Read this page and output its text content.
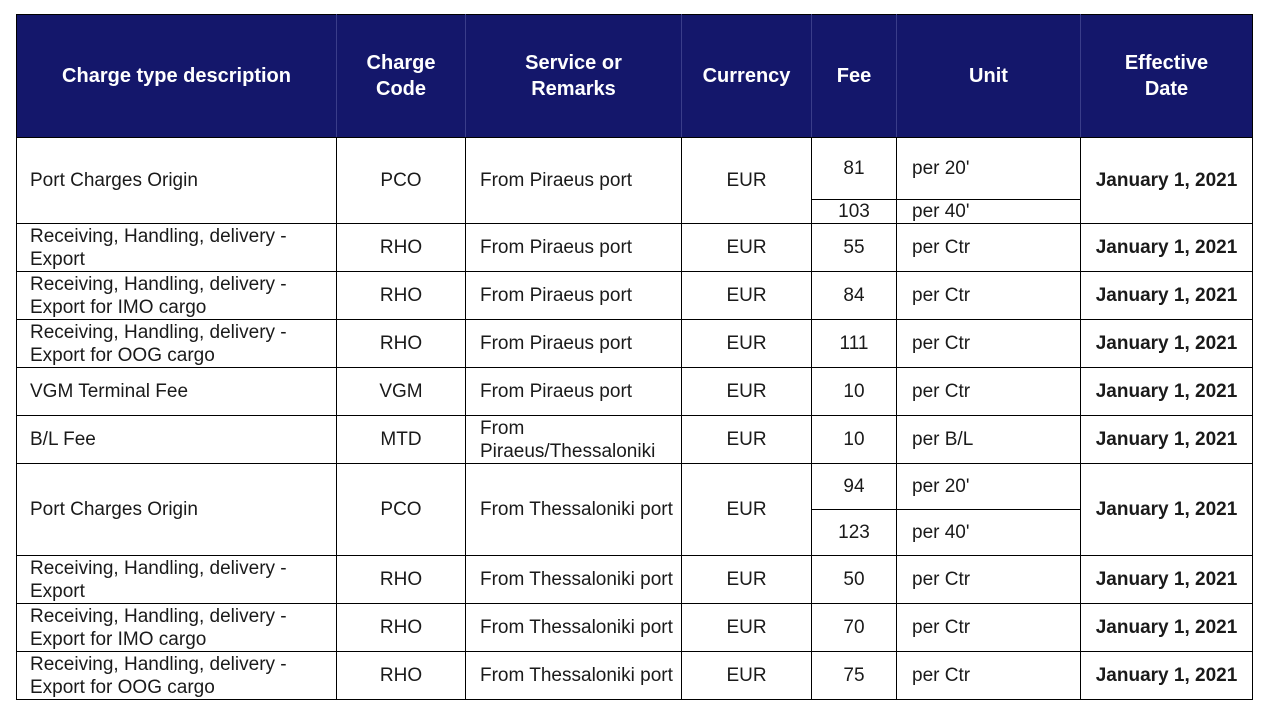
Charge type description	Charge Code	Service or Remarks	Currency	Fee	Unit	Effective Date
Port Charges Origin	PCO	From Piraeus port	EUR	81	per 20'	January 1, 2021
				103	per 40'	
Receiving, Handling, delivery - Export	RHO	From Piraeus port	EUR	55	per Ctr	January 1, 2021
Receiving, Handling, delivery - Export for IMO cargo	RHO	From Piraeus port	EUR	84	per Ctr	January 1, 2021
Receiving, Handling, delivery - Export for OOG cargo	RHO	From Piraeus port	EUR	111	per Ctr	January 1, 2021
VGM Terminal Fee	VGM	From Piraeus port	EUR	10	per Ctr	January 1, 2021
B/L Fee	MTD	From Piraeus/Thessaloniki	EUR	10	per B/L	January 1, 2021
Port Charges Origin	PCO	From Thessaloniki port	EUR	94	per 20'	January 1, 2021
				123	per 40'	
Receiving, Handling, delivery - Export	RHO	From Thessaloniki port	EUR	50	per Ctr	January 1, 2021
Receiving, Handling, delivery - Export for IMO cargo	RHO	From Thessaloniki port	EUR	70	per Ctr	January 1, 2021
Receiving, Handling, delivery - Export for OOG cargo	RHO	From Thessaloniki port	EUR	75	per Ctr	January 1, 2021
